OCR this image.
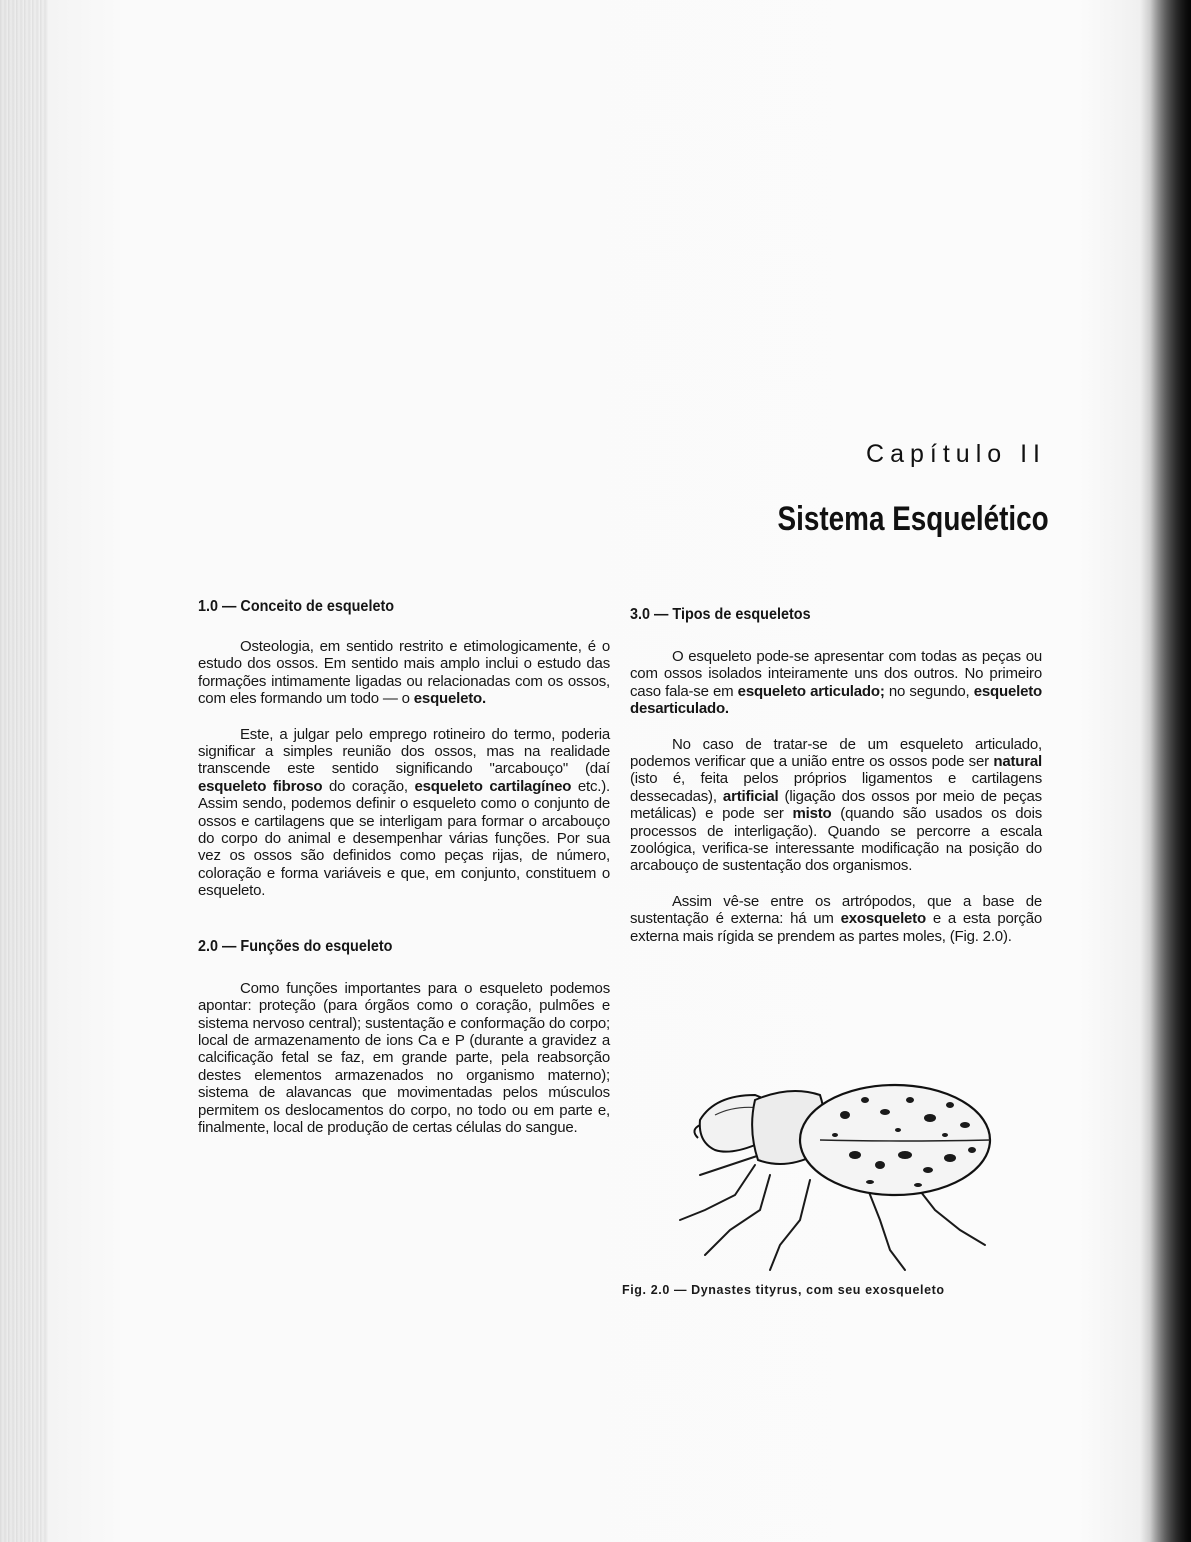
Capítulo II
Sistema Esquelético
1.0 — Conceito de esqueleto

Osteologia, em sentido restrito e etimologicamente, é o estudo dos ossos. Em sentido mais amplo inclui o estudo das formações intimamente ligadas ou relacionadas com os ossos, com eles formando um todo — o esqueleto.

Este, a julgar pelo emprego rotineiro do termo, poderia significar a simples reunião dos ossos, mas na realidade transcende este sentido significando "arcabouço" (daí esqueleto fibroso do coração, esqueleto cartilagíneo etc.). Assim sendo, podemos definir o esqueleto como o conjunto de ossos e cartilagens que se interligam para formar o arcabouço do corpo do animal e desempenhar várias funções. Por sua vez os ossos são definidos como peças rijas, de número, coloração e forma variáveis e que, em conjunto, constituem o esqueleto.

2.0 — Funções do esqueleto

Como funções importantes para o esqueleto podemos apontar: proteção (para órgãos como o coração, pulmões e sistema nervoso central); sustentação e conformação do corpo; local de armazenamento de ions Ca e P (durante a gravidez a calcificação fetal se faz, em grande parte, pela reabsorção destes elementos armazenados no organismo materno); sistema de alavancas que movimentadas pelos músculos permitem os deslocamentos do corpo, no todo ou em parte e, finalmente, local de produção de certas células do sangue.

3.0 — Tipos de esqueletos

O esqueleto pode-se apresentar com todas as peças ou com ossos isolados inteiramente uns dos outros. No primeiro caso fala-se em esqueleto articulado; no segundo, esqueleto desarticulado.

No caso de tratar-se de um esqueleto articulado, podemos verificar que a união entre os ossos pode ser natural (isto é, feita pelos próprios ligamentos e cartilagens dessecadas), artificial (ligação dos ossos por meio de peças metálicas) e pode ser misto (quando são usados os dois processos de interligação). Quando se percorre a escala zoológica, verifica-se interessante modificação na posição do arcabouço de sustentação dos organismos.

Assim vê-se entre os artrópodos, que a base de sustentação é externa: há um exosqueleto e a esta porção externa mais rígida se prendem as partes moles, (Fig. 2.0).

Fig. 2.0 — Dynastes tityrus, com seu exosqueleto
